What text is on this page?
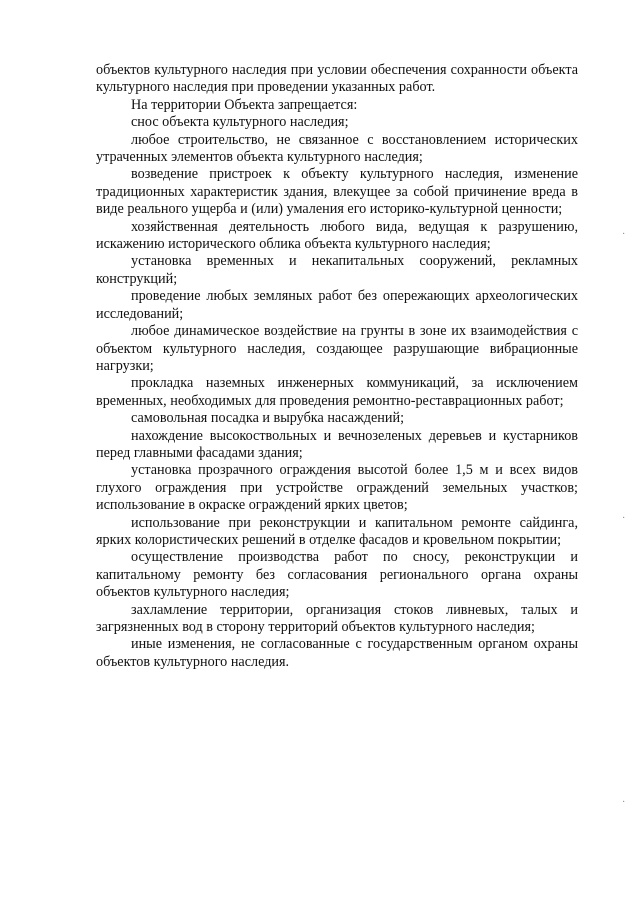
объектов культурного наследия при условии обеспечения сохранности объекта культурного наследия при проведении указанных работ.

На территории Объекта запрещается:

снос объекта культурного наследия;

любое строительство, не связанное с восстановлением исторических утраченных элементов объекта культурного наследия;

возведение пристроек к объекту культурного наследия, изменение традиционных характеристик здания, влекущее за собой причинение вреда в виде реального ущерба и (или) умаления его историко-культурной ценности;

хозяйственная деятельность любого вида, ведущая к разрушению, искажению исторического облика объекта культурного наследия;

установка временных и некапитальных сооружений, рекламных конструкций;

проведение любых земляных работ без опережающих археологических исследований;

любое динамическое воздействие на грунты в зоне их взаимодействия с объектом культурного наследия, создающее разрушающие вибрационные нагрузки;

прокладка наземных инженерных коммуникаций, за исключением временных, необходимых для проведения ремонтно-реставрационных работ;

самовольная посадка и вырубка насаждений;

нахождение высокоствольных и вечнозеленых деревьев и кустарников перед главными фасадами здания;

установка прозрачного ограждения высотой более 1,5 м и всех видов глухого ограждения при устройстве ограждений земельных участков; использование в окраске ограждений ярких цветов;

использование при реконструкции и капитальном ремонте сайдинга, ярких колористических решений в отделке фасадов и кровельном покрытии;

осуществление производства работ по сносу, реконструкции и капитальному ремонту без согласования регионального органа охраны объектов культурного наследия;

захламление территории, организация стоков ливневых, талых и загрязненных вод в сторону территорий объектов культурного наследия;

иные изменения, не согласованные с государственным органом охраны объектов культурного наследия.

·
·
·
